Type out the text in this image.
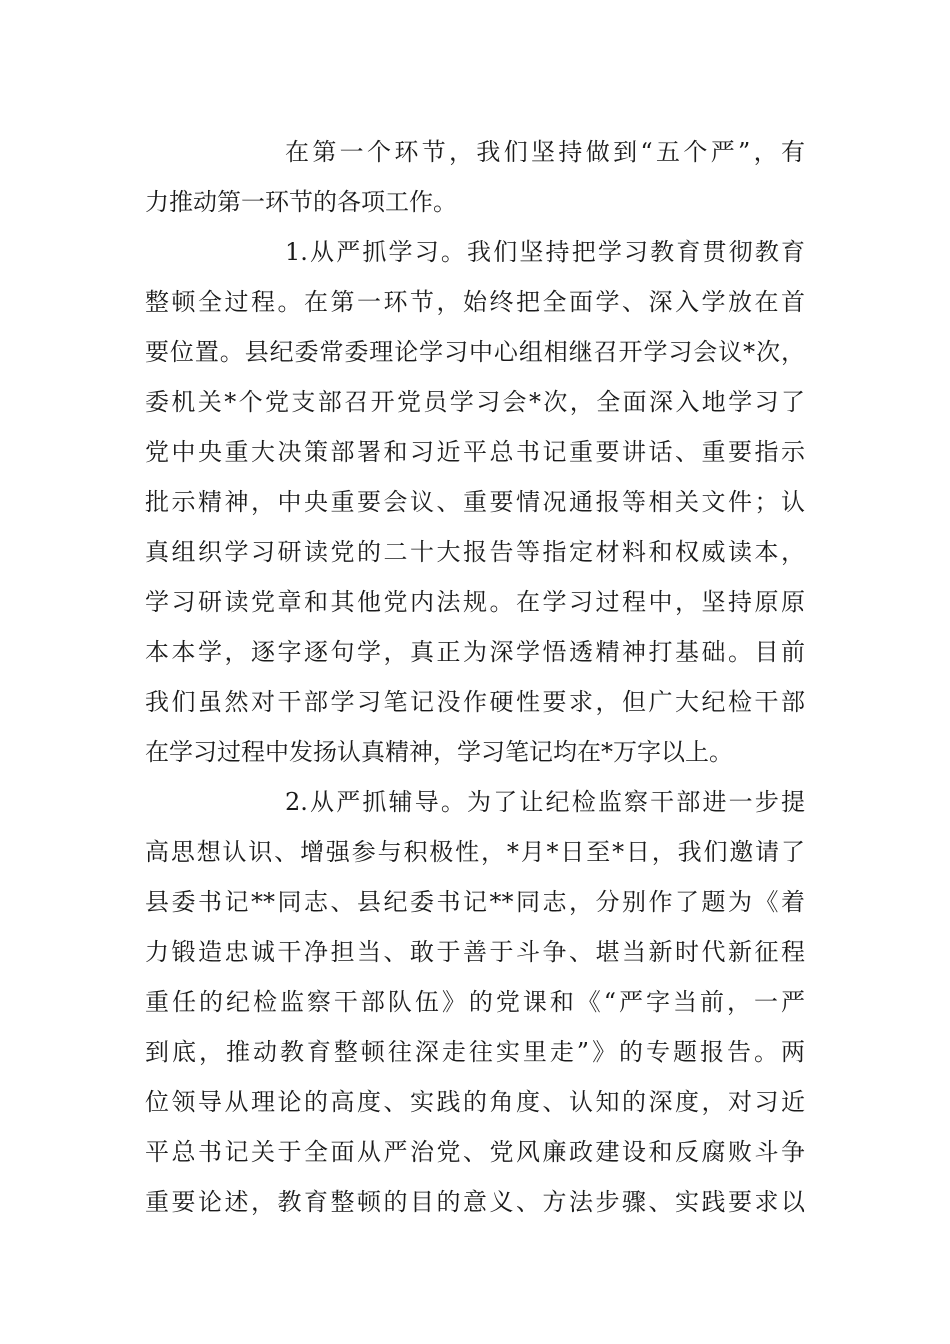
在第一个环节，我们坚持做到“五个严”，有
力推动第一环节的各项工作。
1.从严抓学习。我们坚持把学习教育贯彻教育
整顿全过程。在第一环节，始终把全面学、深入学放在首
要位置。县纪委常委理论学习中心组相继召开学习会议*次，
委机关*个党支部召开党员学习会*次，全面深入地学习了
党中央重大决策部署和习近平总书记重要讲话、重要指示
批示精神，中央重要会议、重要情况通报等相关文件；认
真组织学习研读党的二十大报告等指定材料和权威读本，
学习研读党章和其他党内法规。在学习过程中，坚持原原
本本学，逐字逐句学，真正为深学悟透精神打基础。目前
我们虽然对干部学习笔记没作硬性要求，但广大纪检干部
在学习过程中发扬认真精神，学习笔记均在*万字以上。
2.从严抓辅导。为了让纪检监察干部进一步提
高思想认识、增强参与积极性，*月*日至*日，我们邀请了
县委书记**同志、县纪委书记**同志，分别作了题为《着
力锻造忠诚干净担当、敢于善于斗争、堪当新时代新征程
重任的纪检监察干部队伍》的党课和《“严字当前，一严
到底，推动教育整顿往深走往实里走”》的专题报告。两
位领导从理论的高度、实践的角度、认知的深度，对习近
平总书记关于全面从严治党、党风廉政建设和反腐败斗争
重要论述，教育整顿的目的意义、方法步骤、实践要求以
